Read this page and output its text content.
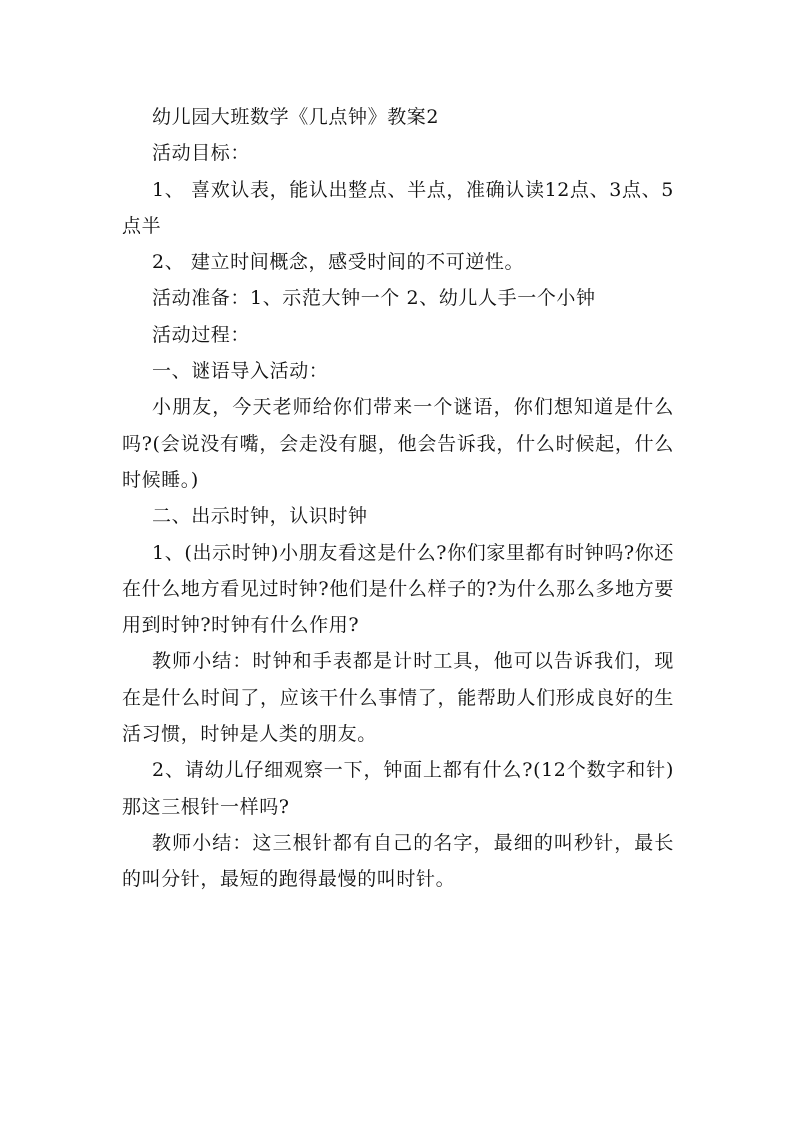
幼儿园大班数学《几点钟》教案2

活动目标：

1、 喜欢认表，能认出整点、半点，准确认读12点、3点、5点半

2、 建立时间概念，感受时间的不可逆性。

活动准备：1、示范大钟一个 2、幼儿人手一个小钟

活动过程：

一、谜语导入活动：

小朋友，今天老师给你们带来一个谜语，你们想知道是什么吗?(会说没有嘴，会走没有腿，他会告诉我，什么时候起，什么时候睡。)

二、出示时钟，认识时钟

1、(出示时钟)小朋友看这是什么?你们家里都有时钟吗?你还在什么地方看见过时钟?他们是什么样子的?为什么那么多地方要用到时钟?时钟有什么作用?

教师小结：时钟和手表都是计时工具，他可以告诉我们，现在是什么时间了，应该干什么事情了，能帮助人们形成良好的生活习惯，时钟是人类的朋友。

2、请幼儿仔细观察一下，钟面上都有什么?(12个数字和针)那这三根针一样吗?

教师小结：这三根针都有自己的名字，最细的叫秒针，最长的叫分针，最短的跑得最慢的叫时针。
